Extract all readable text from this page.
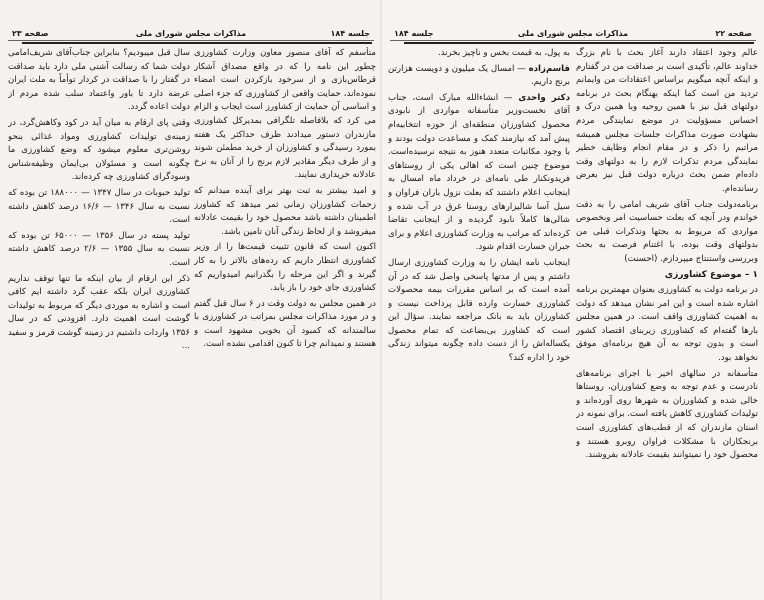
جلسه ۱۸۴
مذاکرات مجلس شورای ملی
صفحه ۲۳

متأسفم که آقای منصور معاون وزارت کشاورزی چطور این نامه را که در واقع مصداق آشکار قرطاس‌بازی و از سرخود بازکردن است امضاء نموده‌اند، حمایت واقعی از کشاورزی که جزء اصلی و اساسی آن حمایت از کشاورز است ایجاب و الزام می کرد که بلافاصله تلگرافی بمدیرکل کشاورزی مازندران دستور میدادند ظرف حداکثر یک هفته بمورد رسیدگی و کشاورزان از خرید مطمئن شوند و از طرف دیگر مقادیر لازم برنج را از آنان به نرخ عادلانه خریداری نمایند.

و امید بیشتر به ثبت بهتر برای آینده میدانم که زحمات کشاورزان زمانی ثمر میدهد که کشاورز اطمینان داشته باشد محصول خود را بقیمت عادلانه میفروشد و از لحاظ زندگی آنان تامین باشد.

اکنون است که قانون تثبیت قیمت‌ها را از وزیر کشاورزی انتظار داریم که رده‌های بالاتر را به کار گیرند و اگر این مرحله را بگذرانیم امیدواریم که کشاورزی جای خود را باز یابد.

در همین مجلس به دولت وقت در ۶ سال قبل گفتم و در مورد مذاکرات مجلس بمراتب در کشاورزی با سالمندانه که کمبود آن بخوبی مشهود است و هستند و نمیدانم چرا تا کنون اقدامی نشده است.

سال قبل میبودیم؟ بنابراین جناب‌آقای شریف‌امامی دولت شما که رسالت آشتی ملی دارد باید صداقت در گفتار را با صداقت در کردار توأماً به ملت ایران عرضه دارد تا باور واعتماد سلب شده مردم از دولت اعاده گردد.

وقتی پای ارقام به میان آید در کود وکاهش‌گرد، در زمینه‌ی تولیدات کشاورزی ومواد غذائی بنحو روشن‌تری معلوم میشود که وضع کشاورزی ما چگونه است و مسئولان بی‌ایمان وظیفه‌شناس وسودگرای کشاورزی چه کرده‌اند.

تولید حبوبات در سال ۱۳۴۷ — ۱۸۸۰۰۰ تن بوده که نسبت به سال ۱۳۴۶ — ۱۶/۶ درصد کاهش داشته است.

تولید پسته در سال ۱۳۵۶ — ۶۵۰۰۰ تن بوده که نسبت به سال ۱۳۵۵ — ۲/۶ درصد کاهش داشته است.

ذکر این ارقام از بیان اینکه ما تنها توقف نداریم کشاورزی ایران بلکه عقب گرد داشته ایم کافی است و اشاره به موردی دیگر که مربوط به تولیدات گوشت است اهمیت دارد. افزودنی که در سال ۱۳۵۶ واردات داشتیم در زمینه گوشت قرمز و سفید ...

صفحه ۲۲
مذاکرات مجلس شورای ملی
جلسه ۱۸۴

عالم وجود اعتقاد دارند آغاز بحث با نام بزرگ خداوند عالم، تأکیدی است بر صداقت من در گفتارم و اینکه آنچه میگویم براساس اعتقادات من وایمانم تردید من است کما اینکه بهنگام بحث در برنامه دولتهای قبل نیز با همین روحیه وبا همین درک و احساس مسؤولیت در موضع نمایندگی مردم بشهادت صورت مذاکرات جلسات مجلس همیشه مراتبم را ذکر و در مقام انجام وظایف خطیر نمایندگی مردم تذکرات لازم را به دولتهای وقت داده‌ام ضمن بحث درباره دولت قبل نیز بعرض رسانده‌ام.

برنامه‌دولت جناب آقای شریف امامی را به دقت خواندم ودر آنچه که بعلت حساسیت امر وبخصوص مواردی که مربوط به بحثها وتذکرات قبلی من بدولتهای وقت بوده، با اغتنام فرصت به بحث وبررسی واستنتاج میپردازم. (احسنت)

۱ – موضوع کشاورزی

در برنامه دولت به کشاورزی بعنوان مهمترین برنامه اشاره شده است و این امر نشان میدهد که دولت به اهمیت کشاورزی واقف است. در همین مجلس بارها گفته‌ام که کشاورزی زیربنای اقتصاد کشور است و بدون توجه به آن هیچ برنامه‌ای موفق نخواهد بود.

متأسفانه در سالهای اخیر با اجرای برنامه‌های نادرست و عدم توجه به وضع کشاورزان، روستاها خالی شده و کشاورزان به شهرها روی آورده‌اند و تولیدات کشاورزی کاهش یافته است. برای نمونه در استان مازندران که از قطب‌های کشاورزی است برنجکاران با مشکلات فراوان روبرو هستند و محصول خود را نمیتوانند بقیمت عادلانه بفروشند.

به پول، به قیمت بخس و ناچیز بخرند.

قاسم‌زاده — امسال یک میلیون و دویست هزارتن برنج داریم.

دکتر واحدی — انشاءالله مبارک است، جناب آقای نخست‌وزیر متأسفانه مواردی از نابودی محصول کشاورزان منطقه‌ای از حوزه انتخابیه‌ام پیش آمد که نیازمند کمک و مساعدت دولت بودند و با وجود مکاتبات متعدد هنوز به نتیجه نرسیده‌است. موضوع چنین است که اهالی یکی از روستاهای فریدونکنار طی نامه‌ای در خرداد ماه امسال به اینجانب اعلام داشتند که بعلت نزول باران فراوان و سیل آسا شالیزارهای روستا غرق در آب شده و شالی‌ها کاملاً نابود گردیده و از اینجانب تقاضا کرده‌اند که مراتب به وزارت کشاورزی اعلام و برای جبران خسارت اقدام شود.

اینجانب نامه ایشان را به وزارت کشاورزی ارسال داشتم و پس از مدتها پاسخی واصل شد که در آن آمده است که بر اساس مقررات بیمه محصولات کشاورزی خسارت وارده قابل پرداخت نیست و کشاورزان باید به بانک مراجعه نمایند. سؤال این است که کشاورز بی‌بضاعت که تمام محصول یکساله‌اش را از دست داده چگونه میتواند زندگی خود را اداره کند؟
